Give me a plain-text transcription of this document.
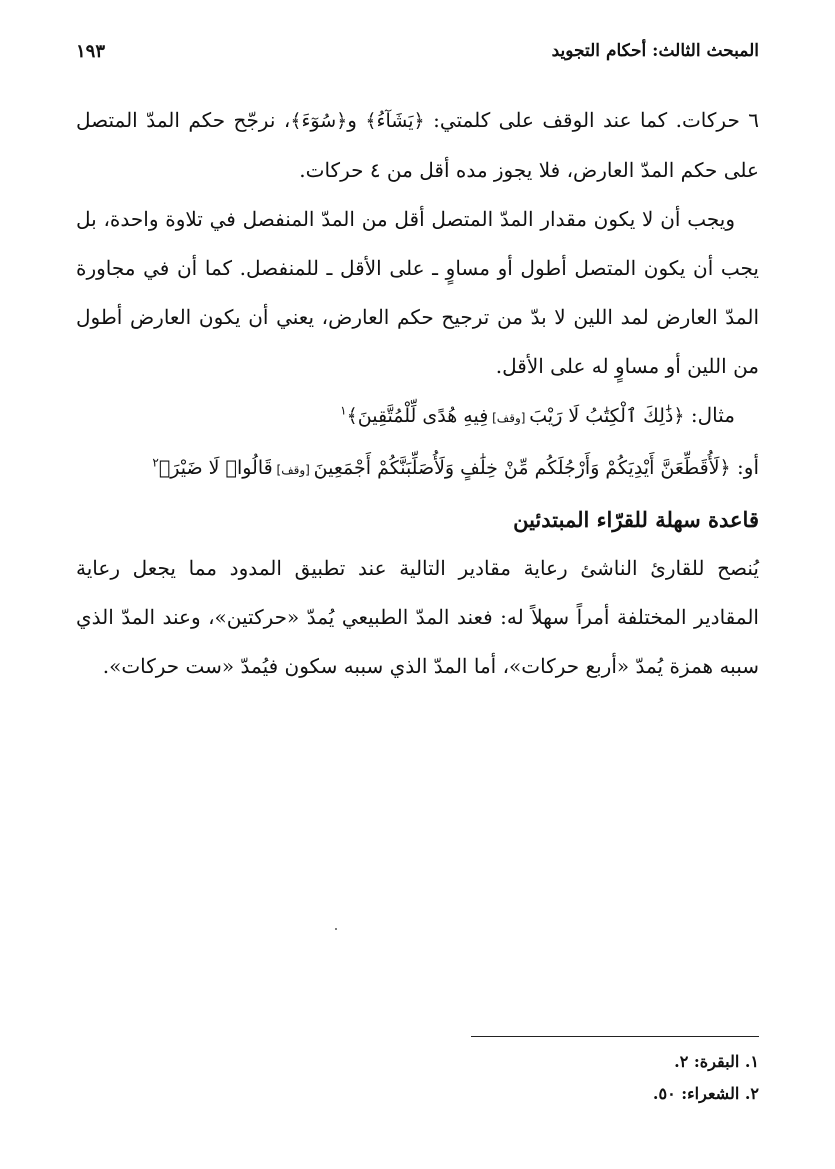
المبحث الثالث: أحكام التجويد
١٩٣

٦ حركات. كما عند الوقف على كلمتي: ﴿يَشَآءُ﴾ و﴿سُوٓءَ﴾، نرجّح حكم المدّ المتصل على حكم المدّ العارض، فلا يجوز مده أقل من ٤ حركات.

ويجب أن لا يكون مقدار المدّ المتصل أقل من المدّ المنفصل في تلاوة واحدة، بل يجب أن يكون المتصل أطول أو مساوٍ ـ على الأقل ـ للمنفصل. كما أن في مجاورة المدّ العارض لمد اللين لا بدّ من ترجيح حكم العارض، يعني أن يكون العارض أطول من اللين أو مساوٍ له على الأقل.

مثال: ﴿ذَٰلِكَ ٱلْكِتَٰبُ لَا رَيْبَ [وقف] فِيهِ هُدًى لِّلْمُتَّقِينَ﴾$^١$

أو: ﴿لَأُقَطِّعَنَّ أَيْدِيَكُمْ وَأَرْجُلَكُم مِّنْ خِلَٰفٍ وَلَأُصَلِّبَنَّكُمْ أَجْمَعِينَ [وقف] قَالُوا۟ لَا ضَيْرَ﴾$^٢$

قاعدة سهلة للقرّاء المبتدئين

يُنصح للقارئ الناشئ رعاية مقادير التالية عند تطبيق المدود مما يجعل رعاية المقادير المختلفة أمراً سهلاً له: فعند المدّ الطبيعي يُمدّ «حركتين»، وعند المدّ الذي سببه همزة يُمدّ «أربع حركات»، أما المدّ الذي سببه سكون فيُمدّ «ست حركات».

١. البقرة: ٢.

٢. الشعراء: ٥٠.
